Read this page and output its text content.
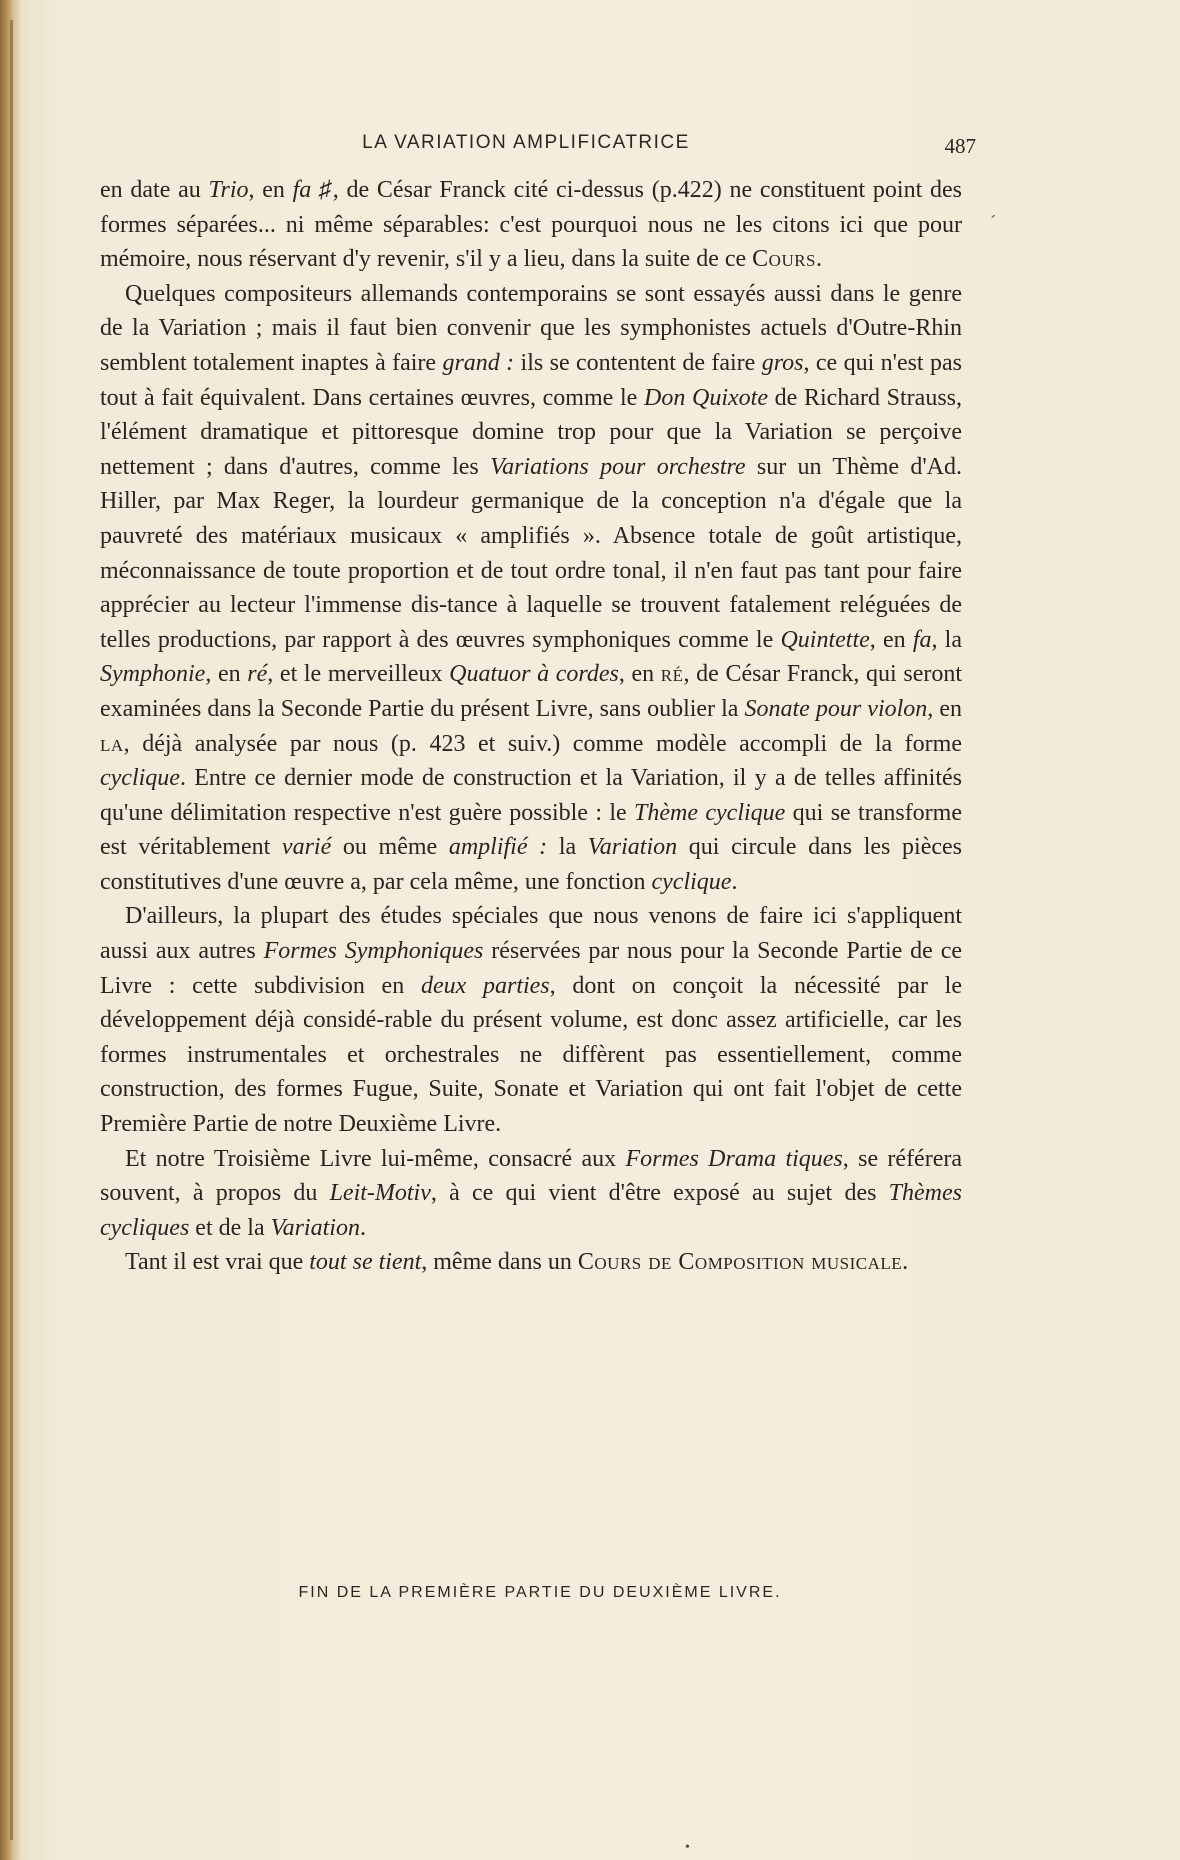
LA VARIATION AMPLIFICATRICE	487

en date au Trio, en fa ♯, de César Franck cité ci-dessus (p.422) ne constituent point des formes séparées... ni même séparables: c'est pourquoi nous ne les citons ici que pour mémoire, nous réservant d'y revenir, s'il y a lieu, dans la suite de ce Cours.

Quelques compositeurs allemands contemporains se sont essayés aussi dans le genre de la Variation ; mais il faut bien convenir que les symphonistes actuels d'Outre-Rhin semblent totalement inaptes à faire grand : ils se contentent de faire gros, ce qui n'est pas tout à fait équivalent. Dans certaines œuvres, comme le Don Quixote de Richard Strauss, l'élément dramatique et pittoresque domine trop pour que la Variation se perçoive nettement ; dans d'autres, comme les Variations pour orchestre sur un Thème d'Ad. Hiller, par Max Reger, la lourdeur germanique de la conception n'a d'égale que la pauvreté des matériaux musicaux « amplifiés ». Absence totale de goût artistique, méconnaissance de toute proportion et de tout ordre tonal, il n'en faut pas tant pour faire apprécier au lecteur l'immense dis-tance à laquelle se trouvent fatalement reléguées de telles productions, par rapport à des œuvres symphoniques comme le Quintette, en fa, la Symphonie, en ré, et le merveilleux Quatuor à cordes, en ré, de César Franck, qui seront examinées dans la Seconde Partie du présent Livre, sans oublier la Sonate pour violon, en la, déjà analysée par nous (p. 423 et suiv.) comme modèle accompli de la forme cyclique. Entre ce dernier mode de construction et la Variation, il y a de telles affinités qu'une délimitation respective n'est guère possible : le Thème cyclique qui se transforme est véritablement varié ou même amplifié : la Variation qui circule dans les pièces constitutives d'une œuvre a, par cela même, une fonction cyclique.

D'ailleurs, la plupart des études spéciales que nous venons de faire ici s'appliquent aussi aux autres Formes Symphoniques réservées par nous pour la Seconde Partie de ce Livre : cette subdivision en deux parties, dont on conçoit la nécessité par le développement déjà considé-rable du présent volume, est donc assez artificielle, car les formes instrumentales et orchestrales ne diffèrent pas essentiellement, comme construction, des formes Fugue, Suite, Sonate et Variation qui ont fait l'objet de cette Première Partie de notre Deuxième Livre.

Et notre Troisième Livre lui-même, consacré aux Formes Drama tiques, se référera souvent, à propos du Leit-Motiv, à ce qui vient d'être exposé au sujet des Thèmes cycliques et de la Variation.

Tant il est vrai que tout se tient, même dans un Cours de Composition musicale.

FIN DE LA PREMIÈRE PARTIE DU DEUXIÈME LIVRE.
´
•
